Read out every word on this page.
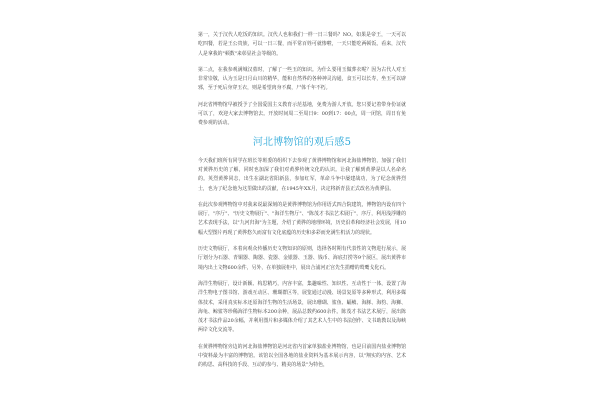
第一，关于汉代人吃饭的知识。汉代人也和我们一样一日三餐吗？NO。如果是帝王，一天可以吃四餐，若是王公贵族，可以一日三餐，而平常百姓可就惨啦，一天只能吃两顿饭。看来，汉代人是拿我的"顿数"来彰显社会等级的。

第二点，在我参观满城汉墓时，了解了一些玉的知识。为什么要用玉做葬衣呢？因为古代人对玉非常崇敬，认为玉是日月山川的精华，能和自然界的各种神灵沟通，食玉可以长寿，坐玉可以辟邪，至于死后身穿玉衣，则是希望肉身不腐，尸体千年不朽。

河北省博物馆早被授予了全国爱国主义教育示范基地，免费为游人开放。您只要记着带身份证就可以了，欢迎大家去博物馆去。开放时间周二至周日9：00到17：00点，周一闭馆，周日有免费参观的活动。

河北博物馆的观后感5

今天我们班所有同学在班长等班委的组织下去参观了黄骅博物馆和河北海盐博物馆，加强了我们对黄骅历史的了解，同时也加深了我们对黄骅传统文化的认识。让我了解到黄骅是以人名命名的。英烈黄骅同志，出生在湖北省阳新县，参加红军，革命斗争中屡建战功，为了纪念黄骅烈士，也为了纪念他为这里做出的贡献，在1945年XX月，决定将新青县正式改名为黄骅县。

在此次参观博物馆中对我来说最深刻的是黄骅博物馆为你用语式四合院建筑，博物馆内设有四个展厅，"序厅"、"历史文物展厅"、"海洋生物厅"、"陈茂才书法艺术展厅"，序厅，利用浅浮雕的艺术表现手法，以"九河归海"为主题，介绍了黄骅的地理环境，历史沿革和经济社会发展，用10幅大型图片再现了黄骅悠久而富有文化底蕴的历史和多彩而充满生机活力的现状。

历史文物展厅，本着向观众传播历史文物知识的原则，选择各时期有代表性的文物进行展示，展厅划分为石器、青铜器、陶器、瓷器、金银器、玉器、钱币、海底打捞等9个展区，展出黄骅市境内出土文物600余件，另外，在单独展柜中，展出合浦河正宫先生捐赠的鹫鹰戈化石。

海洋生物展厅，设计新颖、构思精巧，内容丰富，集趣味性、知识性、互动性于一体，设置了海洋生物电子图书馆、游戏互动区、珊瑚群区等，展览通过动漫、场景复原等多种形式，利用多媒体技术，采用真实标本还原海洋生物的生活场景，展出珊瑚、鲨鱼、蝠鲼、海豚、海豹、海狮、海龟、鲸鲨等珍稀海洋生物标本200余种，展品总数约600余件。陈茂才书法艺术展厅，展出陈茂才书法作品20余幅，并利用图片和多媒体介绍了其艺术人生中的书法创作、文书助教以及海峡两岸文化交流等。

在黄骅博物馆旁边的河北海盐博物馆是河北省内首家单独盐业博物馆，也是目前国内盐业博物馆中资料最为丰富的博物馆。该馆以全国各地的盐业资料为基本展示内容，以"翔实的内容、艺术的构思、高科技的手段、互动的参与、精美的场景"为特色，
